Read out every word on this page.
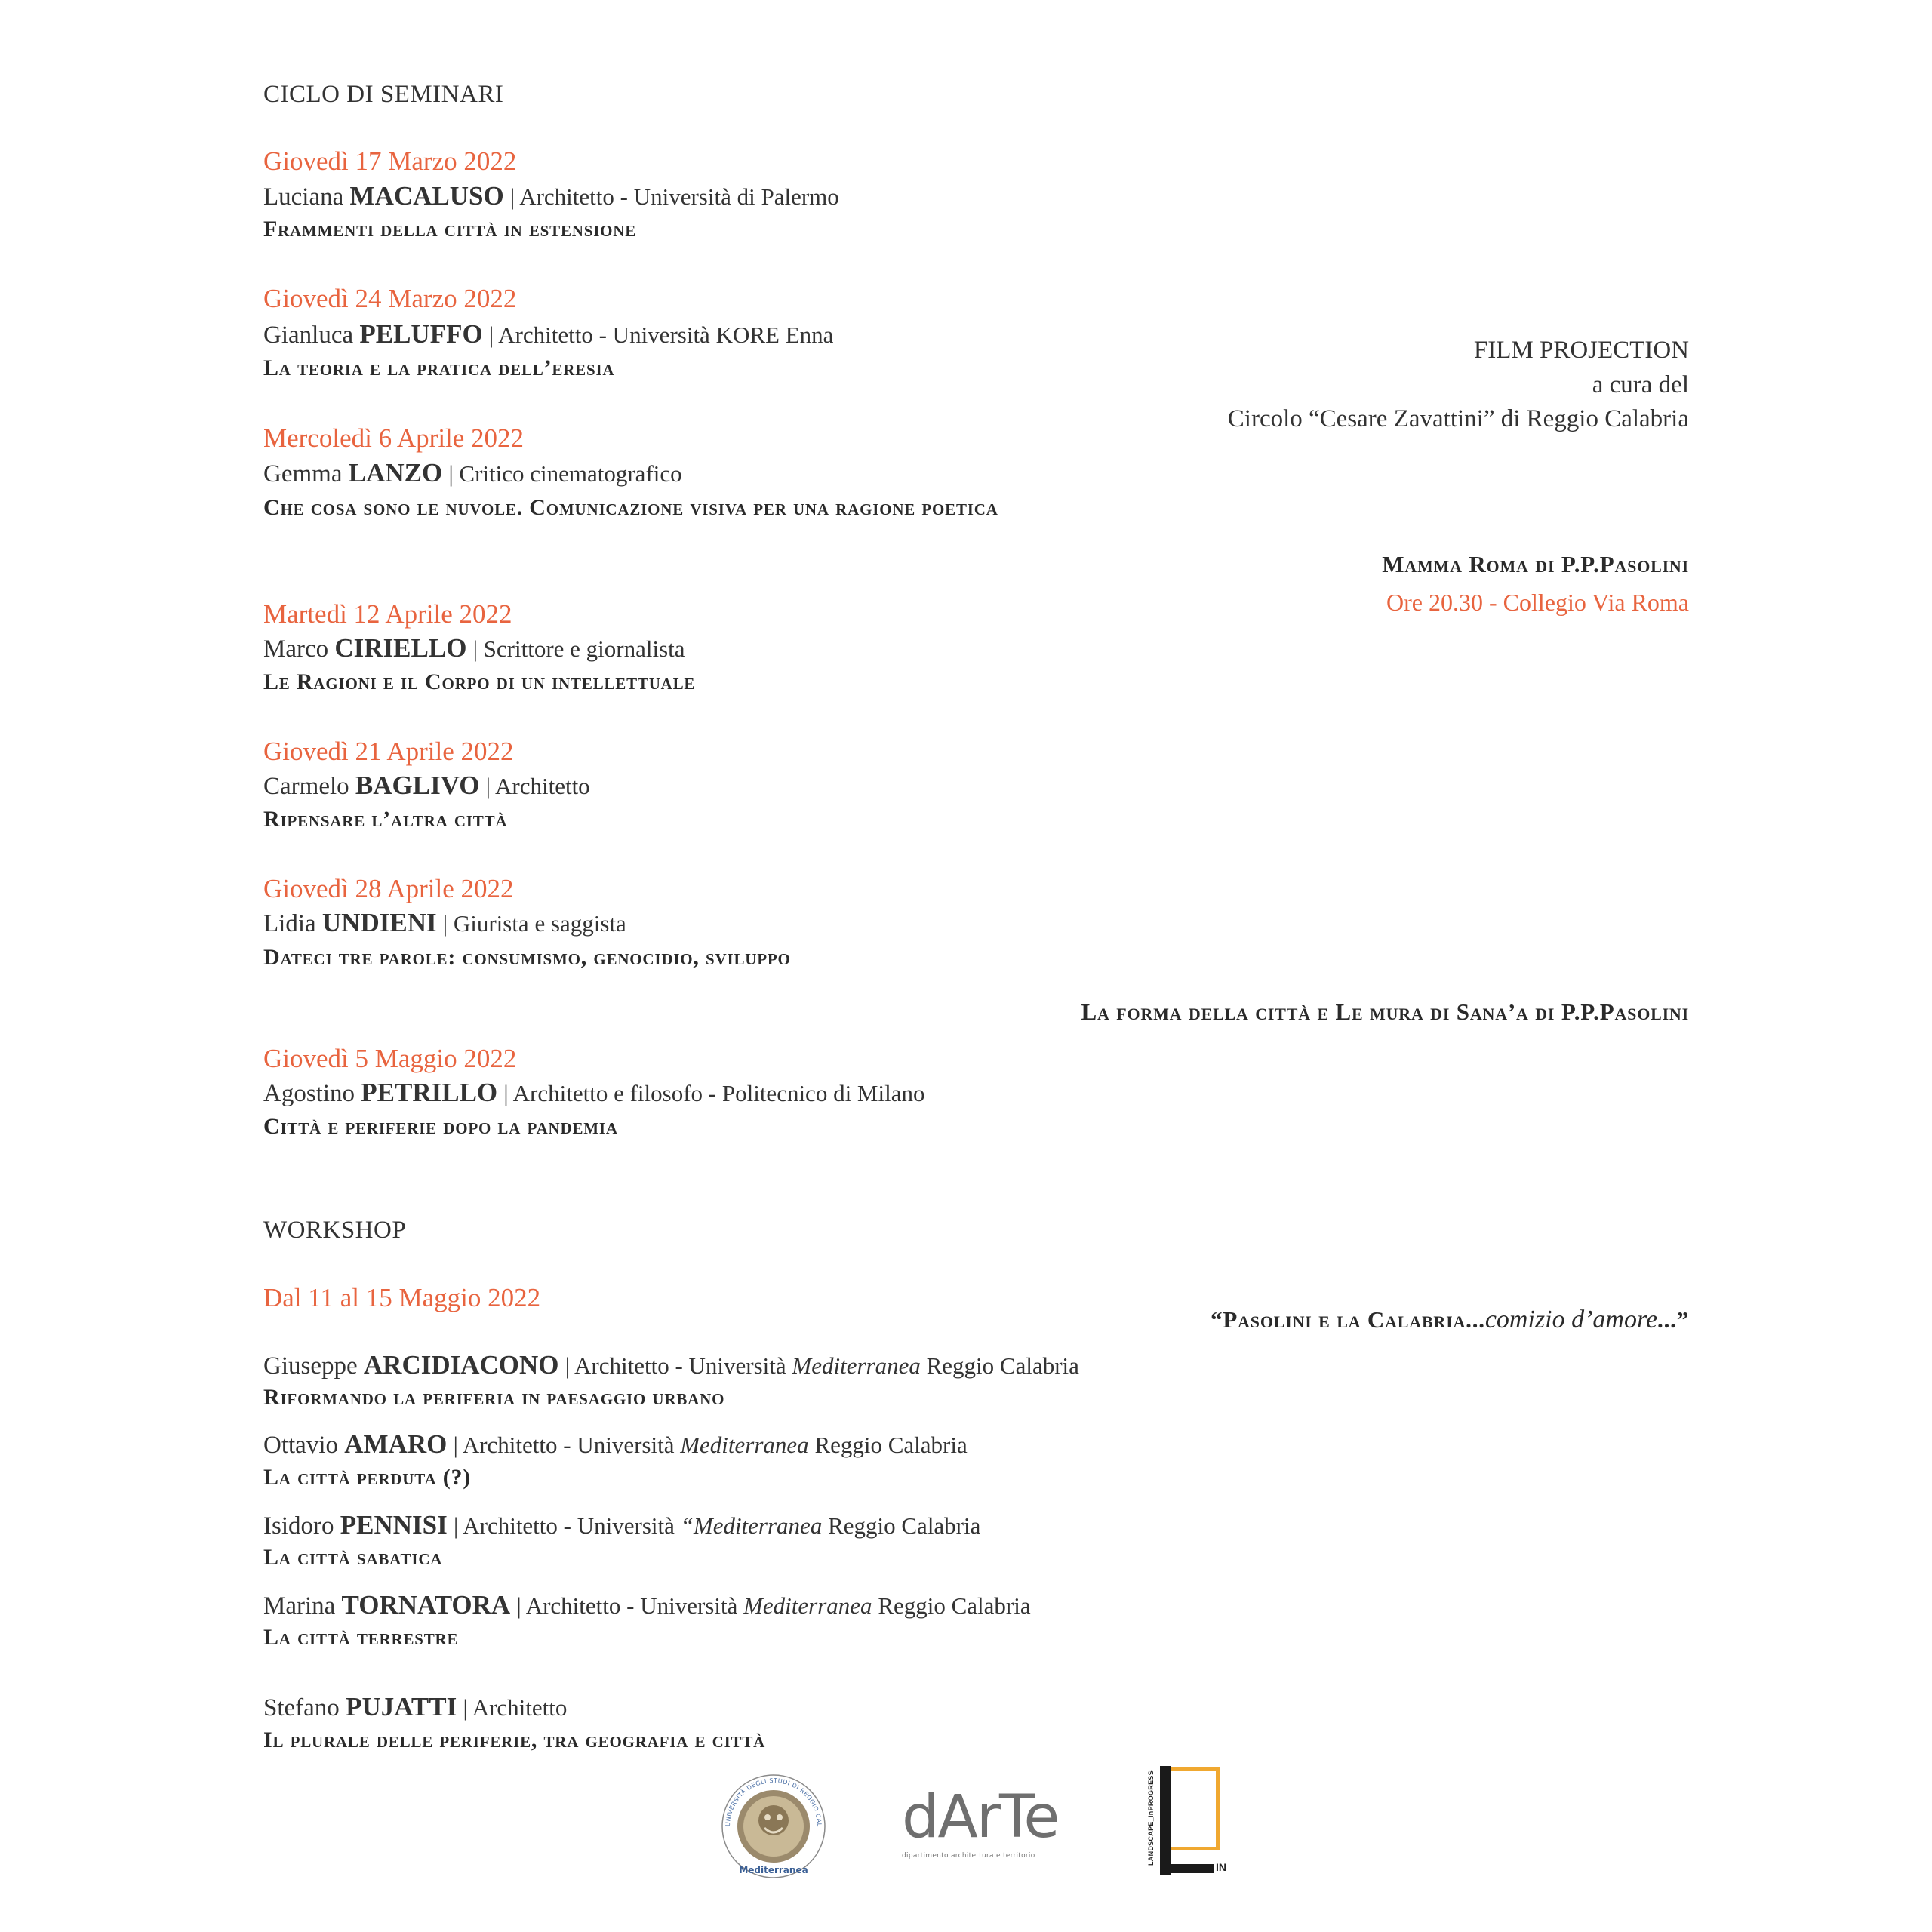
CICLO DI SEMINARI
Giovedì 17 Marzo 2022
Luciana MACALUSO | Architetto - Università di Palermo
Frammenti della città in estensione
Giovedì 24 Marzo 2022
Gianluca PELUFFO | Architetto - Università KORE Enna
La teoria e la pratica dell’eresia
Mercoledì 6 Aprile 2022
Gemma LANZO | Critico cinematografico
Che cosa sono le nuvole. Comunicazione visiva per una ragione poetica
Martedì 12 Aprile 2022
Marco CIRIELLO | Scrittore e giornalista
Le Ragioni e il Corpo di un intellettuale
Giovedì 21 Aprile 2022
Carmelo BAGLIVO | Architetto
Ripensare l’altra città
Giovedì 28 Aprile 2022
Lidia UNDIENI | Giurista e saggista
Dateci tre parole: consumismo, genocidio, sviluppo
Giovedì 5 Maggio 2022
Agostino PETRILLO | Architetto e filosofo - Politecnico di Milano
Città e periferie dopo la pandemia
FILM PROJECTION
a cura del
Circolo “Cesare Zavattini” di Reggio Calabria
Mamma Roma di P.P.Pasolini
Ore 20.30 - Collegio Via Roma
La forma della città e Le mura di Sana’a di P.P.Pasolini
WORKSHOP
Dal 11 al 15 Maggio 2022
“Pasolini e la Calabria...comizio d’amore...”
Giuseppe ARCIDIACONO | Architetto - Università Mediterranea Reggio Calabria
Riformando la periferia in paesaggio urbano
Ottavio AMARO | Architetto - Università Mediterranea Reggio Calabria
La città perduta (?)
Isidoro PENNISI | Architetto - Università “Mediterranea Reggio Calabria
La città sabatica
Marina TORNATORA | Architetto - Università Mediterranea Reggio Calabria
La città terrestre
Stefano PUJATTI | Architetto
Il plurale delle periferie, tra geografia e città
UNIVERSITÀ DEGLI STUDI DI REGGIO CAL
Mediterranea
dArTe
dipartimento architettura e territorio	LANDSCAPE_inPROGRESS
IN
